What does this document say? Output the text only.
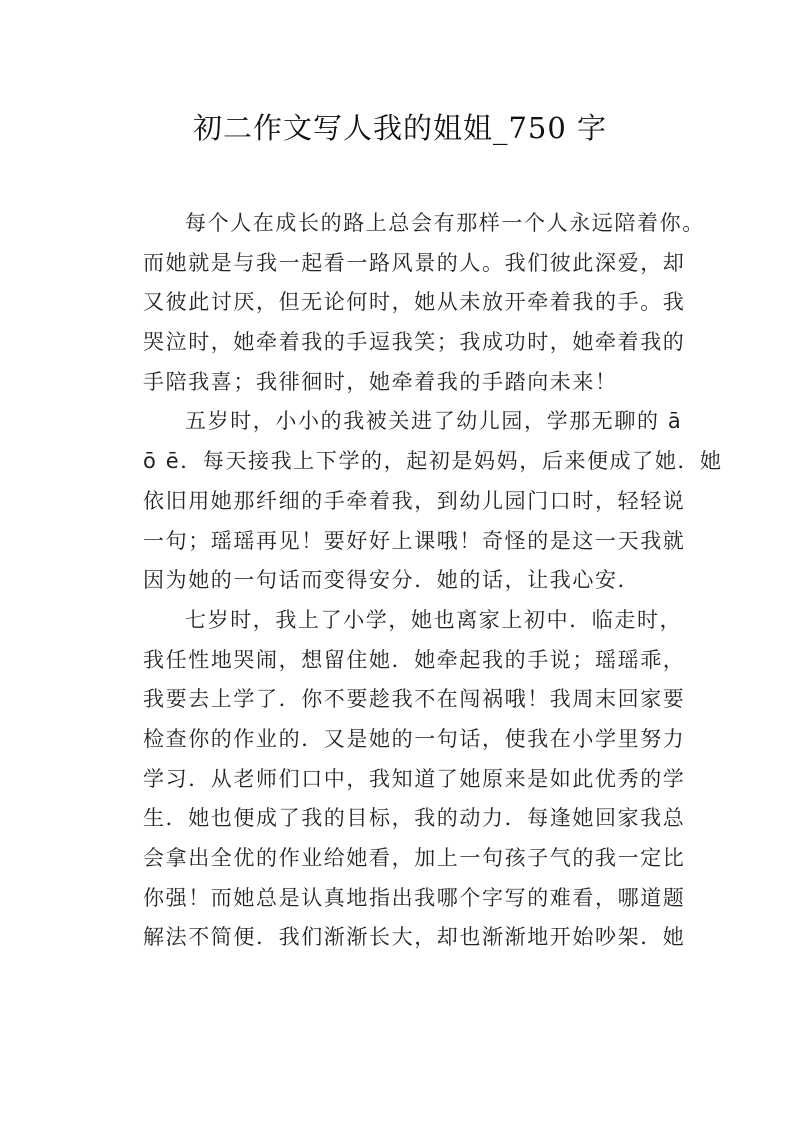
初二作文写人我的姐姐_750 字
每个人在成长的路上总会有那样一个人永远陪着你。
而她就是与我一起看一路风景的人。我们彼此深爱，却
又彼此讨厌，但无论何时，她从未放开牵着我的手。我
哭泣时，她牵着我的手逗我笑；我成功时，她牵着我的
手陪我喜；我徘徊时，她牵着我的手踏向未来！
五岁时，小小的我被关进了幼儿园，学那无聊的 ā
ō ē．每天接我上下学的，起初是妈妈，后来便成了她．她
依旧用她那纤细的手牵着我，到幼儿园门口时，轻轻说
一句；瑶瑶再见！要好好上课哦！奇怪的是这一天我就
因为她的一句话而变得安分．她的话，让我心安．
七岁时，我上了小学，她也离家上初中．临走时，
我任性地哭闹，想留住她．她牵起我的手说；瑶瑶乖，
我要去上学了．你不要趁我不在闯祸哦！我周末回家要
检查你的作业的．又是她的一句话，使我在小学里努力
学习．从老师们口中，我知道了她原来是如此优秀的学
生．她也便成了我的目标，我的动力．每逢她回家我总
会拿出全优的作业给她看，加上一句孩子气的我一定比
你强！而她总是认真地指出我哪个字写的难看，哪道题
解法不简便．我们渐渐长大，却也渐渐地开始吵架．她
